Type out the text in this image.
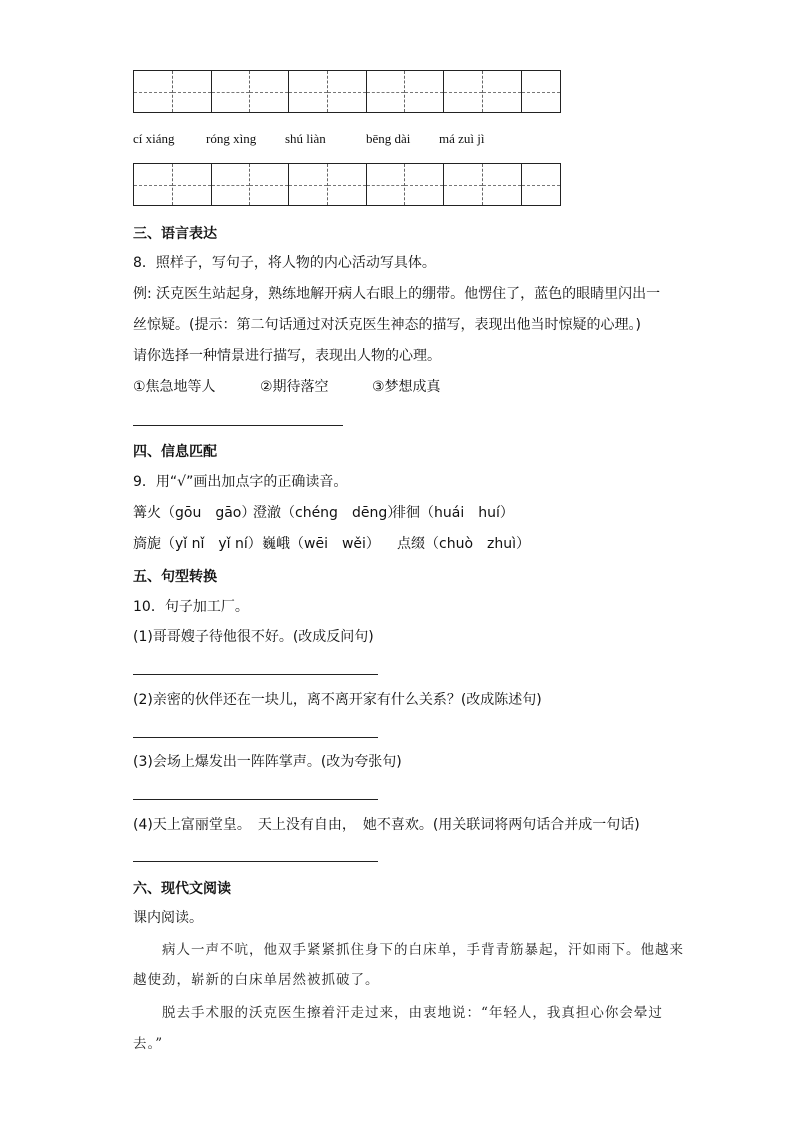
cí xiáng róng xìng shú liàn	bēng dài má zuì jì
三、语言表达
8．照样子，写句子，将人物的内心活动写具体。
例: 沃克医生站起身，熟练地解开病人右眼上的绷带。他愣住了，蓝色的眼睛里闪出一
丝惊疑。(提示：第二句话通过对沃克医生神态的描写，表现出他当时惊疑的心理。)
请你选择一种情景进行描写，表现出人物的心理。
①焦急地等人	②期待落空	③梦想成真
四、信息匹配
9．用“√”画出加点字的正确读音。
篝火（gōu　gāo）
澄澈（chéng　dēng）
徘徊（huái　huí）
旖旎（yǐ nǐ　yǐ ní） 巍峨（wēi　wěi） 点缀（chuò　zhuì）
五、句型转换
10．句子加工厂。
(1)哥哥嫂子待他很不好。(改成反问句)
(2)亲密的伙伴还在一块儿，离不离开家有什么关系？(改成陈述句)
(3)会场上爆发出一阵阵掌声。(改为夸张句)
(4)天上富丽堂皇。　天上没有自由，　她不喜欢。(用关联词将两句话合并成一句话)
六、现代文阅读
课内阅读。
病人一声不吭，他双手紧紧抓住身下的白床单，手背青筋暴起，汗如雨下。他越来
越使劲，崭新的白床单居然被抓破了。
脱去手术服的沃克医生擦着汗走过来，由衷地说：“年轻人，我真担心你会晕过
去。”
